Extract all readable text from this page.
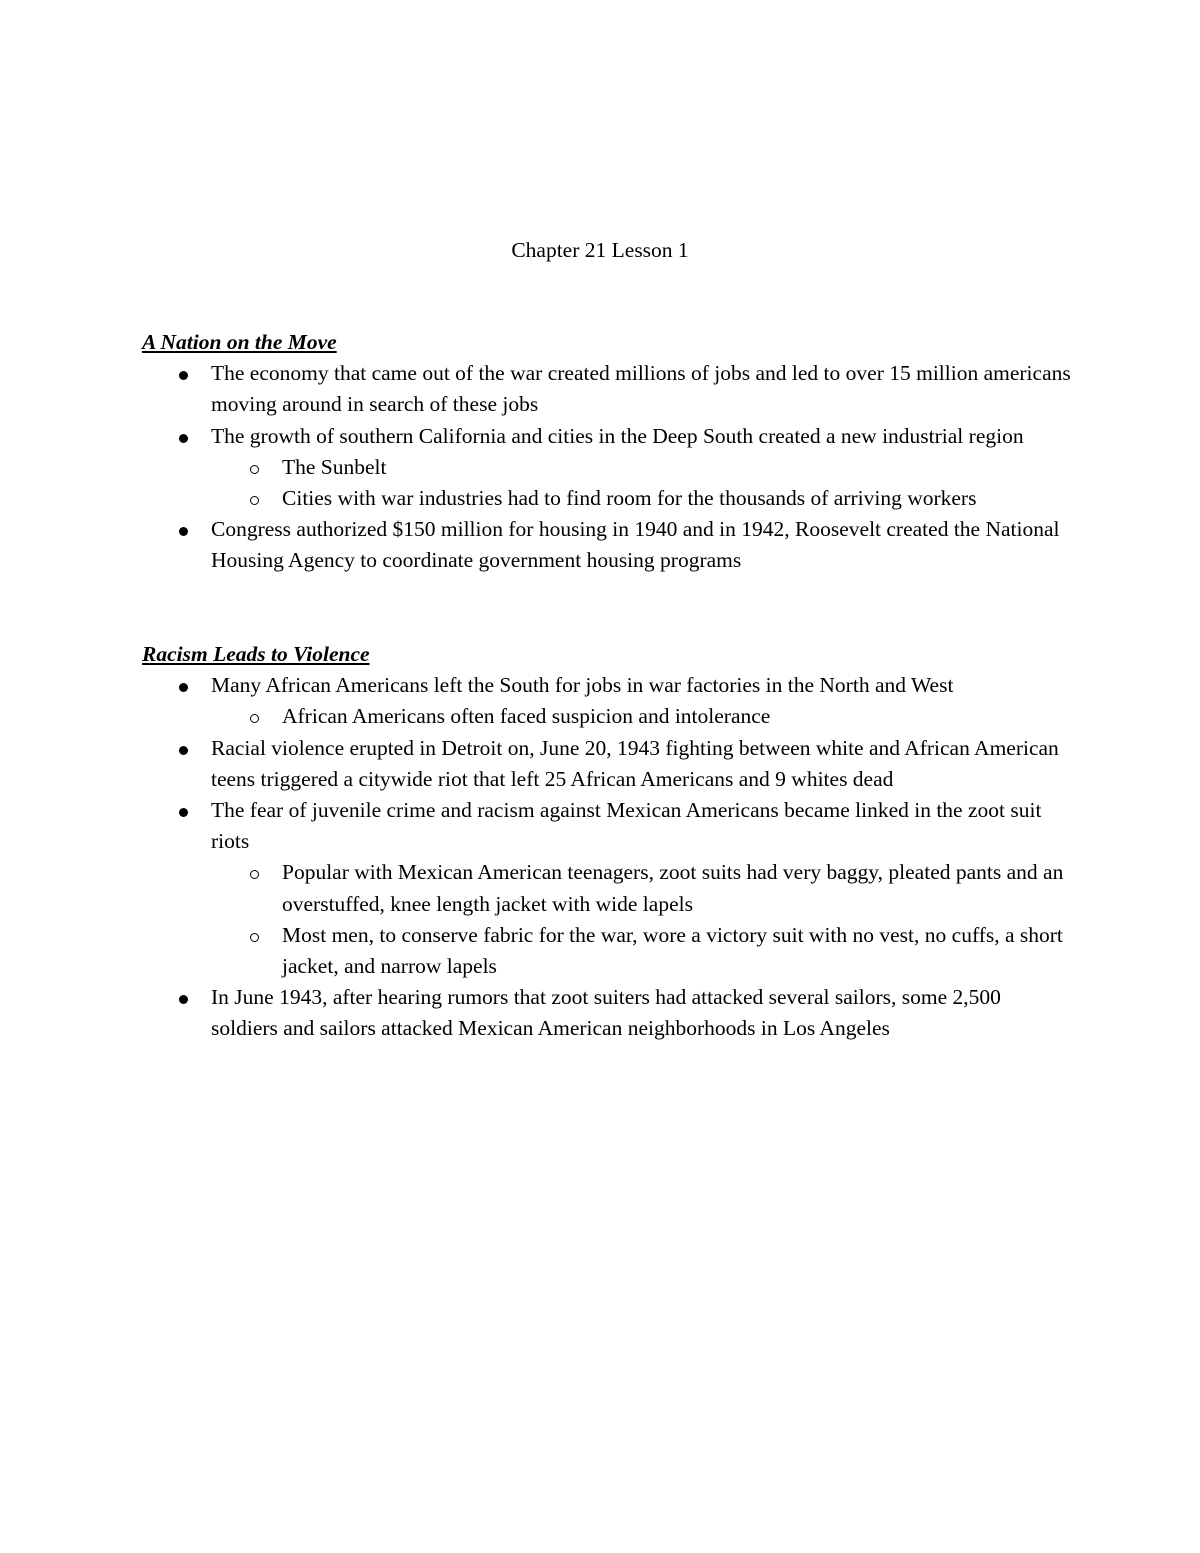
Chapter 21 Lesson 1
A Nation on the Move
The economy that came out of the war created millions of jobs and led to over 15 million americans moving around in search of these jobs
The growth of southern California and cities in the Deep South created a new industrial region
The Sunbelt
Cities with war industries had to find room for the thousands of arriving workers
Congress authorized $150 million for housing in 1940 and in 1942, Roosevelt created the National Housing Agency to coordinate government housing programs
Racism Leads to Violence
Many African Americans left the South for jobs in war factories in the North and West
African Americans often faced suspicion and intolerance
Racial violence erupted in Detroit on, June 20, 1943 fighting between white and African American teens triggered a citywide riot that left 25 African Americans and 9 whites dead
The fear of juvenile crime and racism against Mexican Americans became linked in the zoot suit riots
Popular with Mexican American teenagers, zoot suits had very baggy, pleated pants and an overstuffed, knee length jacket with wide lapels
Most men, to conserve fabric for the war, wore a victory suit with no vest, no cuffs, a short jacket, and narrow lapels
In June 1943, after hearing rumors that zoot suiters had attacked several sailors, some 2,500 soldiers and sailors attacked Mexican American neighborhoods in Los Angeles
